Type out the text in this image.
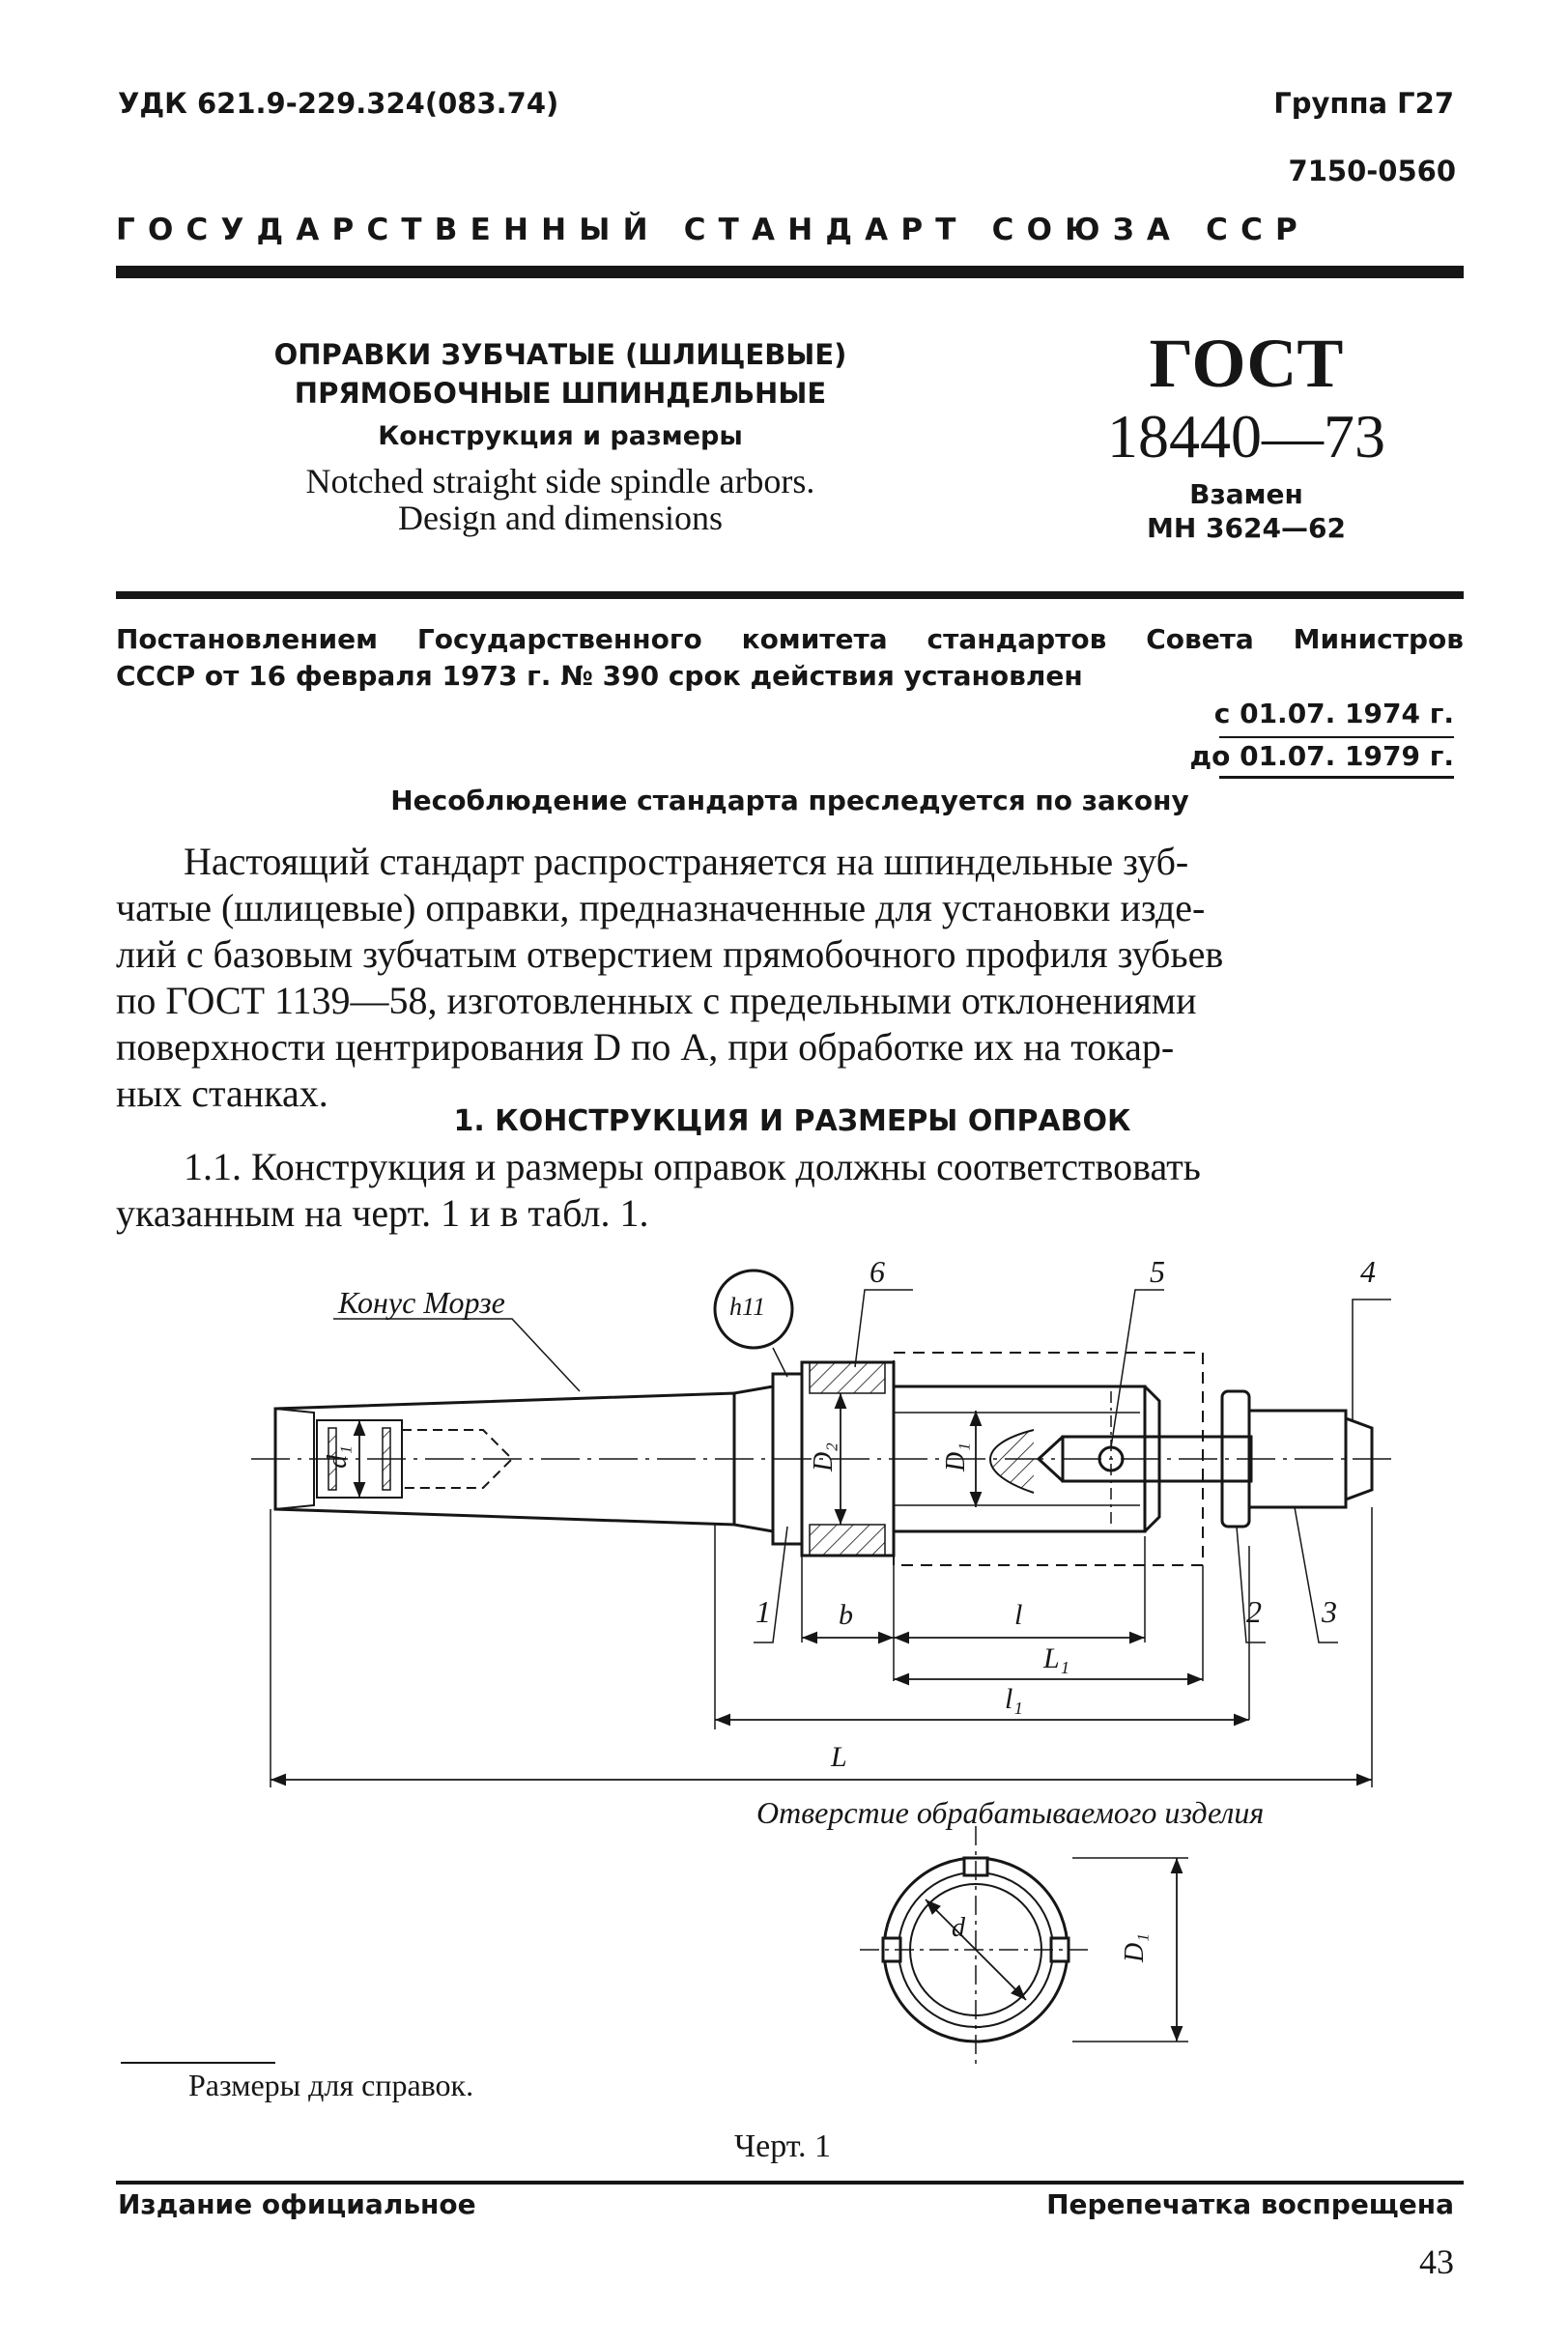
УДК 621.9-229.324(083.74)	Группа Г27
7150-0560
ГОСУДАРСТВЕННЫЙ СТАНДАРТ СОЮЗА ССР
ОПРАВКИ ЗУБЧАТЫЕ (ШЛИЦЕВЫЕ)
ПРЯМОБОЧНЫЕ ШПИНДЕЛЬНЫЕ
Конструкция и размеры
Notched straight side spindle arbors.
Design and dimensions
ГОСТ
18440—73
Взамен
МН 3624—62
Постановлением Государственного комитета стандартов Совета Министров
СССР от 16 февраля 1973 г. № 390 срок действия установлен
с 01.07. 1974 г.
до 01.07. 1979 г.
Несоблюдение стандарта преследуется по закону
Настоящий стандарт распространяется на шпиндельные зуб-
чатые (шлицевые) оправки, предназначенные для установки изде-
лий с базовым зубчатым отверстием прямобочного профиля зубьев
по ГОСТ 1139—58, изготовленных с предельными отклонениями
поверхности центрирования D по A, при обработке их на токар-
ных станках.
1. КОНСТРУКЦИЯ И РАЗМЕРЫ ОПРАВОК
1.1. Конструкция и размеры оправок должны соответствовать
указанным на черт. 1 и в табл. 1.
Конус Морзе	h11
6	5	4
1	2 3
d₁	D₂	D₁
b	l
L₁
l₁
L
Отверстие обрабатываемого изделия
d
D₁
Размеры для справок.
Черт. 1
Издание официальное	Перепечатка воспрещена
43
